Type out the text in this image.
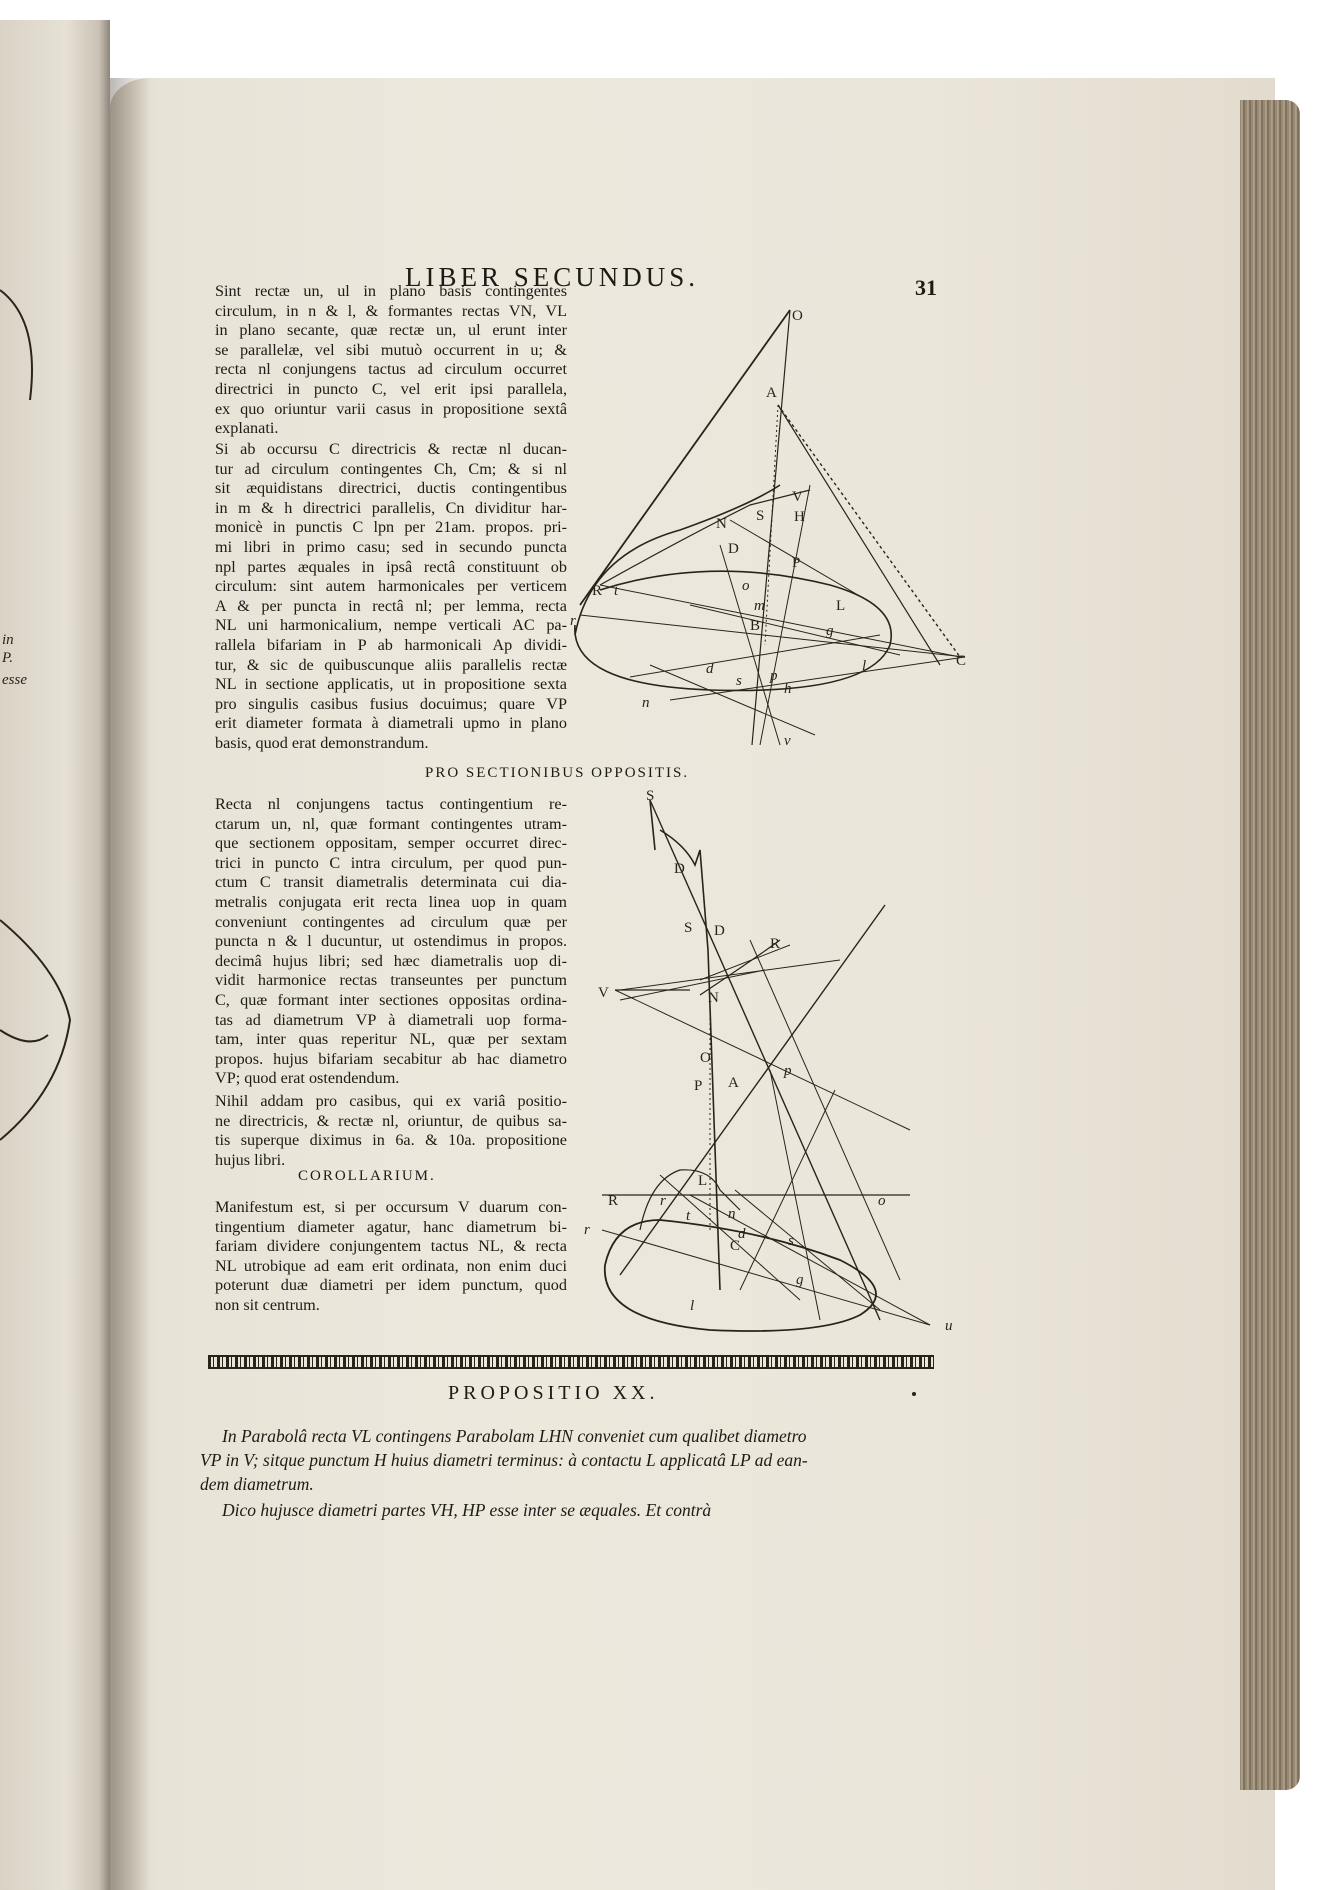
in
P.
esse
LIBER SECUNDUS.	31
Sint rectæ un, ul in plano basis contingentes
circulum, in n & l, & formantes rectas VN, VL
in plano secante, quæ rectæ un, ul erunt inter
se parallelæ, vel sibi mutuò occurrent in u; &
recta nl conjungens tactus ad circulum occurret
directrici in puncto C, vel erit ipsi parallela,
ex quo oriuntur varii casus in propositione sextâ
explanati.
Si ab occursu C directricis & rectæ nl ducan-
tur ad circulum contingentes Ch, Cm; & si nl
sit æquidistans directrici, ductis contingentibus
in m & h directrici parallelis, Cn dividitur har-
monicè in punctis C lpn per 21am. propos. pri-
mi libri in primo casu; sed in secundo puncta
npl partes æquales in ipsâ rectâ constituunt ob
circulum: sint autem harmonicales per verticem
A & per puncta in rectâ nl; per lemma, recta
NL uni harmonicalium, nempe verticali AC pa-
rallela bifariam in P ab harmonicali Ap dividi-
tur, & sic de quibuscunque aliis parallelis rectæ
NL in sectione applicatis, ut in propositione sexta
pro singulis casibus fusius docuimus; quare VP
erit diameter formata à diametrali upmo in plano
basis, quod erat demonstrandum.
PRO SECTIONIBUS OPPOSITIS.
Recta nl conjungens tactus contingentium re-
ctarum un, nl, quæ formant contingentes utram-
que sectionem oppositam, semper occurret direc-
trici in puncto C intra circulum, per quod pun-
ctum C transit diametralis determinata cui dia-
metralis conjugata erit recta linea uop in quam
conveniunt contingentes ad circulum quæ per
puncta n & l ducuntur, ut ostendimus in propos.
decimâ hujus libri; sed hæc diametralis uop di-
vidit harmonice rectas transeuntes per punctum
C, quæ formant inter sectiones oppositas ordina-
tas ad diametrum VP à diametrali uop forma-
tam, inter quas reperitur NL, quæ per sextam
propos. hujus bifariam secabitur ab hac diametro
VP; quod erat ostendendum.
Nihil addam pro casibus, qui ex variâ positio-
ne directricis, & rectæ nl, oriuntur, de quibus sa-
tis superque diximus in 6a. & 10a. propositione
hujus libri.
COROLLARIUM.
Manifestum est, si per occursum V duarum con-
tingentium diameter agatur, hanc diametrum bi-
fariam dividere conjungentem tactus NL, & recta
NL utrobique ad eam erit ordinata, non enim duci
poterunt duæ diametri per idem punctum, quod
non sit centrum.
PROPOSITIO XX.
In Parabolâ recta VL contingens Parabolam LHN conveniet cum qualibet diametro
VP in V; sitque punctum H huius diametri terminus: à contactu L applicatâ LP ad ean-
dem diametrum.
Dico hujusce diametri partes VH, HP esse inter se æquales. Et contrà
O
A
N
V
S H
D
P
o
R t
m	L
B
r
g
C
d
s p
h
l
n
v
S
D
R
S D
V	N
O
P A
p
R	r
t
L
n
o
r	d	s
C
g
l
u
